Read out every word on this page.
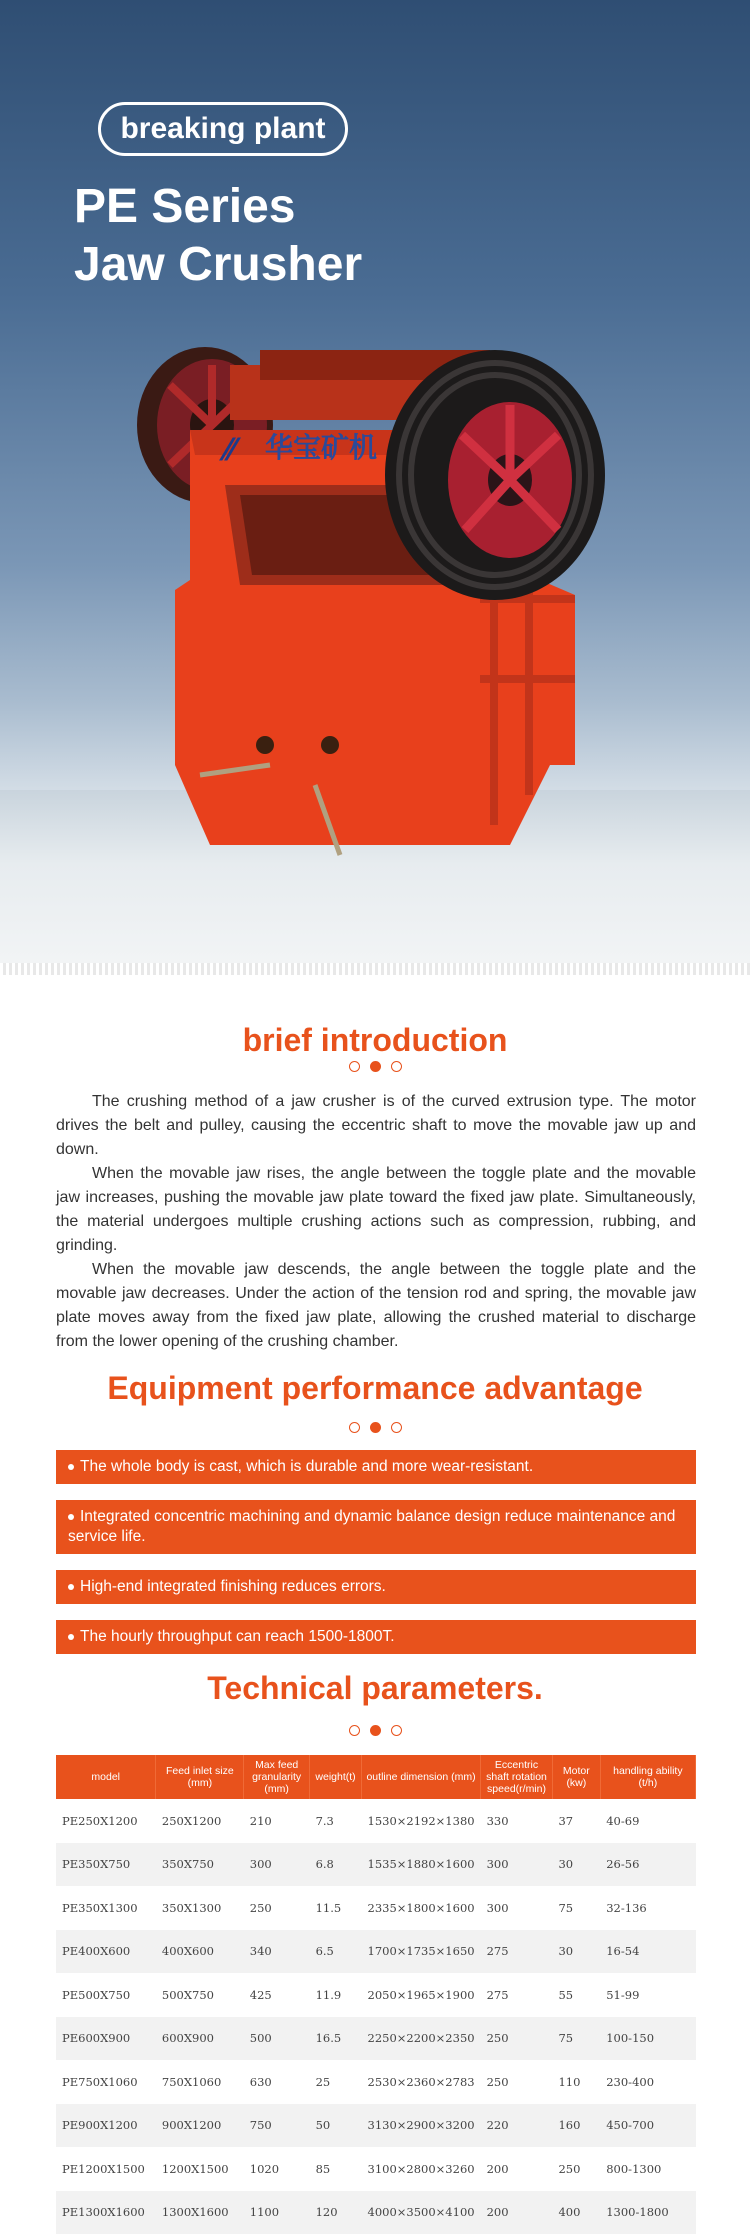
breaking plant
PE Series
Jaw Crusher
⁄⁄ 华宝矿机
brief introduction

The crushing method of a jaw crusher is of the curved extrusion type. The motor drives the belt and pulley, causing the eccentric shaft to move the movable jaw up and down.

When the movable jaw rises, the angle between the toggle plate and the movable jaw increases, pushing the movable jaw plate toward the fixed jaw plate. Simultaneously, the material undergoes multiple crushing actions such as compression, rubbing, and grinding.

When the movable jaw descends, the angle between the toggle plate and the movable jaw decreases. Under the action of the tension rod and spring, the movable jaw plate moves away from the fixed jaw plate, allowing the crushed material to discharge from the lower opening of the crushing chamber.

Equipment performance advantage
The whole body is cast, which is durable and more wear-resistant.
Integrated concentric machining and dynamic balance design reduce maintenance and service life.
High-end integrated finishing reduces errors.
The hourly throughput can reach 1500-1800T.
Technical parameters.
model	Feed inlet size (mm)	Max feed granularity (mm)	weight(t)	outline dimension (mm)	Eccentric shaft rotation speed(r/min)	Motor (kw)	handling ability (t/h)
PE250X1200	250X1200	210	7.3	1530×2192×1380	330	37	40-69
PE350X750	350X750	300	6.8	1535×1880×1600	300	30	26-56
PE350X1300	350X1300	250	11.5	2335×1800×1600	300	75	32-136
PE400X600	400X600	340	6.5	1700×1735×1650	275	30	16-54
PE500X750	500X750	425	11.9	2050×1965×1900	275	55	51-99
PE600X900	600X900	500	16.5	2250×2200×2350	250	75	100-150
PE750X1060	750X1060	630	25	2530×2360×2783	250	110	230-400
PE900X1200	900X1200	750	50	3130×2900×3200	220	160	450-700
PE1200X1500	1200X1500	1020	85	3100×2800×3260	200	250	800-1300
PE1300X1600	1300X1600	1100	120	4000×3500×4100	200	400	1300-1800
